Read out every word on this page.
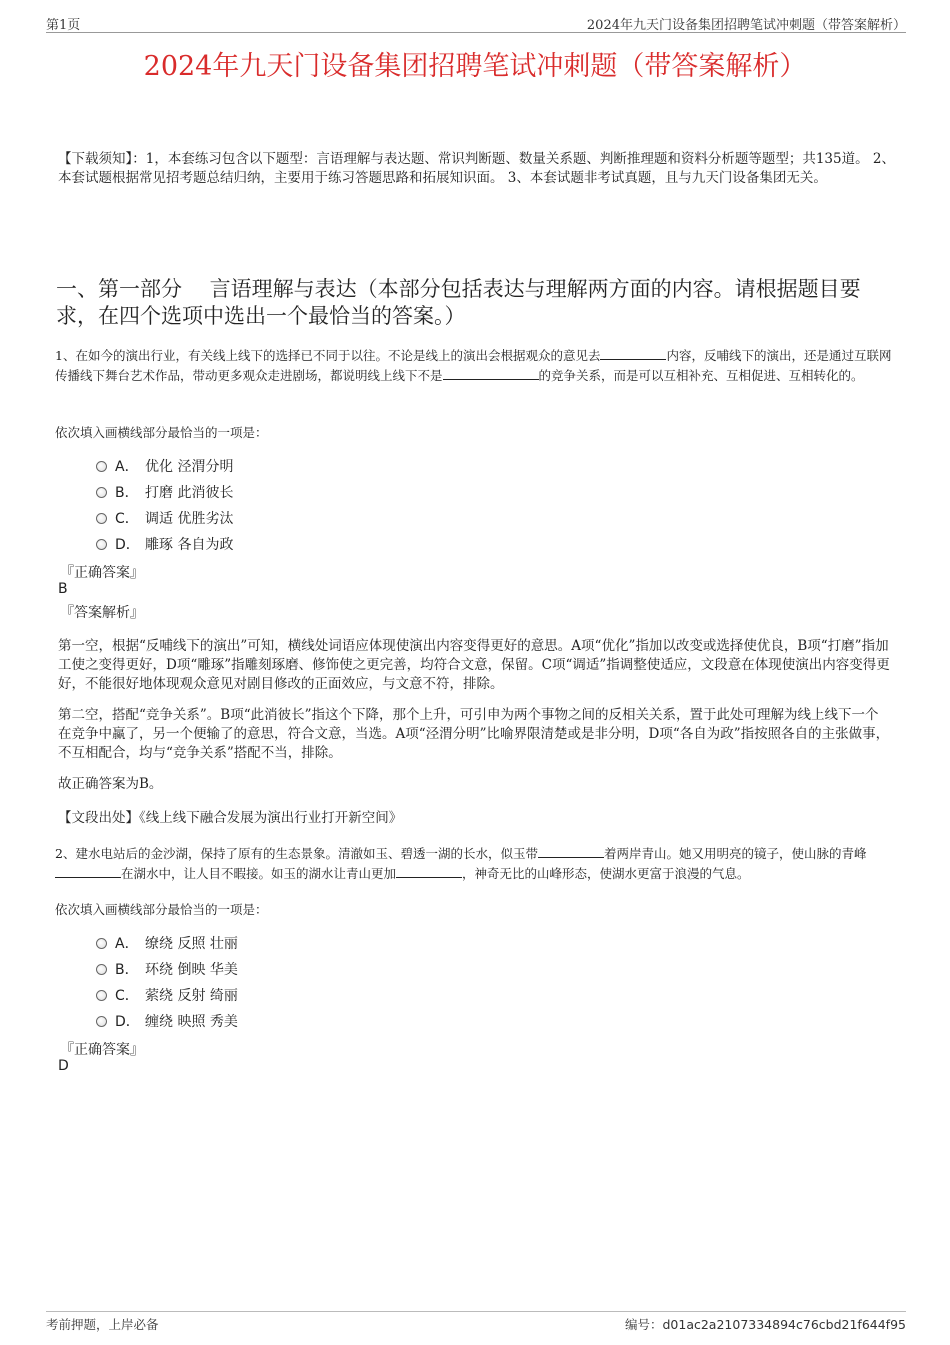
第1页	2024年九天门设备集团招聘笔试冲刺题（带答案解析）
2024年九天门设备集团招聘笔试冲刺题（带答案解析）
【下载须知】：1，本套练习包含以下题型：言语理解与表达题、常识判断题、数量关系题、判断推理题和资料分析题等题型；共135道。 2、本套试题根据常见招考题总结归纳，主要用于练习答题思路和拓展知识面。 3、本套试题非考试真题，且与九天门设备集团无关。
一、第一部分　 言语理解与表达（本部分包括表达与理解两方面的内容。请根据题目要求，在四个选项中选出一个最恰当的答案。）
1、在如今的演出行业，有关线上线下的选择已不同于以往。不论是线上的演出会根据观众的意见去	内容，反哺线下的演出，还是通过互联网传播线下舞台艺术作品，带动更多观众走进剧场，都说明线上线下不是	的竞争关系，而是可以互相补充、互相促进、互相转化的。
依次填入画横线部分最恰当的一项是：
A． 优化 泾渭分明
B． 打磨 此消彼长
C． 调适 优胜劣汰
D． 雕琢 各自为政
『正确答案』
B
『答案解析』
第一空，根据“反哺线下的演出”可知，横线处词语应体现使演出内容变得更好的意思。A项“优化”指加以改变或选择使优良，B项“打磨”指加工使之变得更好，D项“雕琢”指雕刻琢磨、修饰使之更完善，均符合文意，保留。C项“调适”指调整使适应，文段意在体现使演出内容变得更好，不能很好地体现观众意见对剧目修改的正面效应，与文意不符，排除。
第二空，搭配“竞争关系”。B项“此消彼长”指这个下降，那个上升，可引申为两个事物之间的反相关关系，置于此处可理解为线上线下一个在竞争中赢了，另一个便输了的意思，符合文意，当选。A项“泾渭分明”比喻界限清楚或是非分明，D项“各自为政”指按照各自的主张做事，不互相配合，均与“竞争关系”搭配不当，排除。
故正确答案为B。
【文段出处】《线上线下融合发展为演出行业打开新空间》
2、建水电站后的金沙湖，保持了原有的生态景象。清澈如玉、碧透一湖的长水，似玉带	着两岸青山。她又用明亮的镜子，使山脉的青峰在湖水中，让人目不暇接。如玉的湖水让青山更加	，神奇无比的山峰形态，使湖水更富于浪漫的气息。
依次填入画横线部分最恰当的一项是：
A． 缭绕 反照 壮丽
B． 环绕 倒映 华美
C． 萦绕 反射 绮丽
D． 缠绕 映照 秀美
『正确答案』
D
考前押题，上岸必备	编号：d01ac2a2107334894c76cbd21f644f95
